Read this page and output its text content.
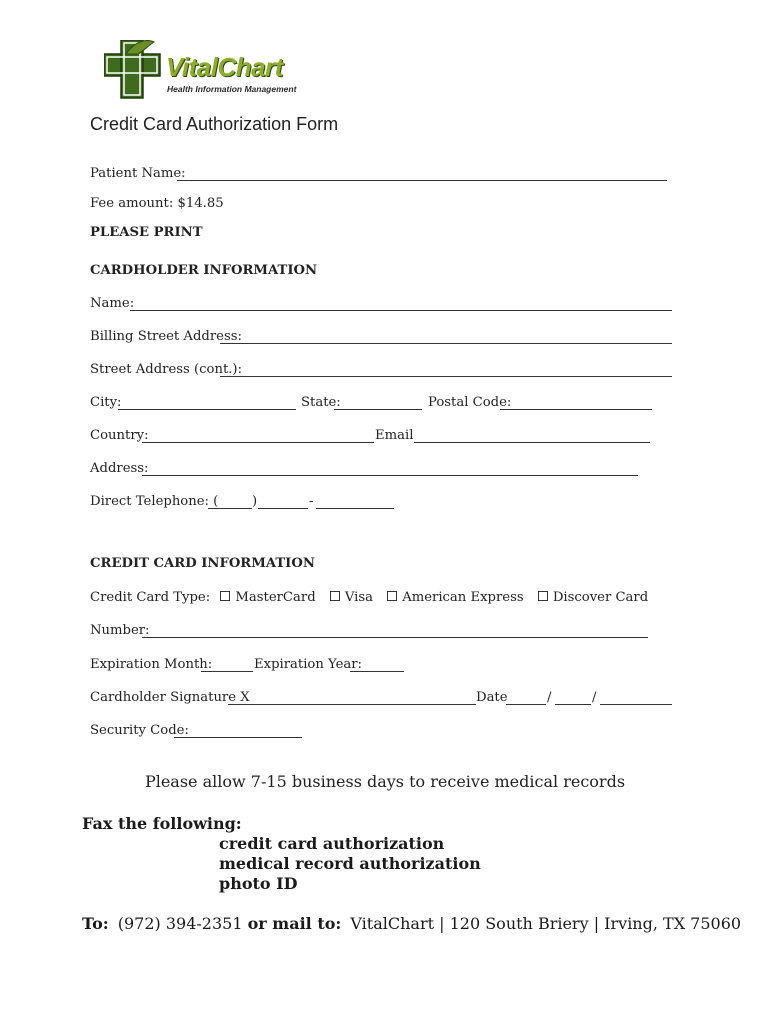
VitalChart
Health Information Management
Credit Card Authorization Form
Patient Name:
Fee amount: $14.85
PLEASE PRINT
CARDHOLDER INFORMATION
Name:
Billing Street Address:
Street Address (cont.):
City:	State:	Postal Code:
Country:	Email
Address:
Direct Telephone: (	)	-
CREDIT CARD INFORMATION
Credit Card Type: MasterCard Visa American Express Discover Card
Number:
Expiration Month:	Expiration Year:
Cardholder Signature X	Date	/	/
Security Code:
Please allow 7-15 business days to receive medical records
Fax the following:
credit card authorization
medical record authorization
photo ID
To: (972) 394-2351 or mail to: VitalChart | 120 South Briery | Irving, TX 75060
